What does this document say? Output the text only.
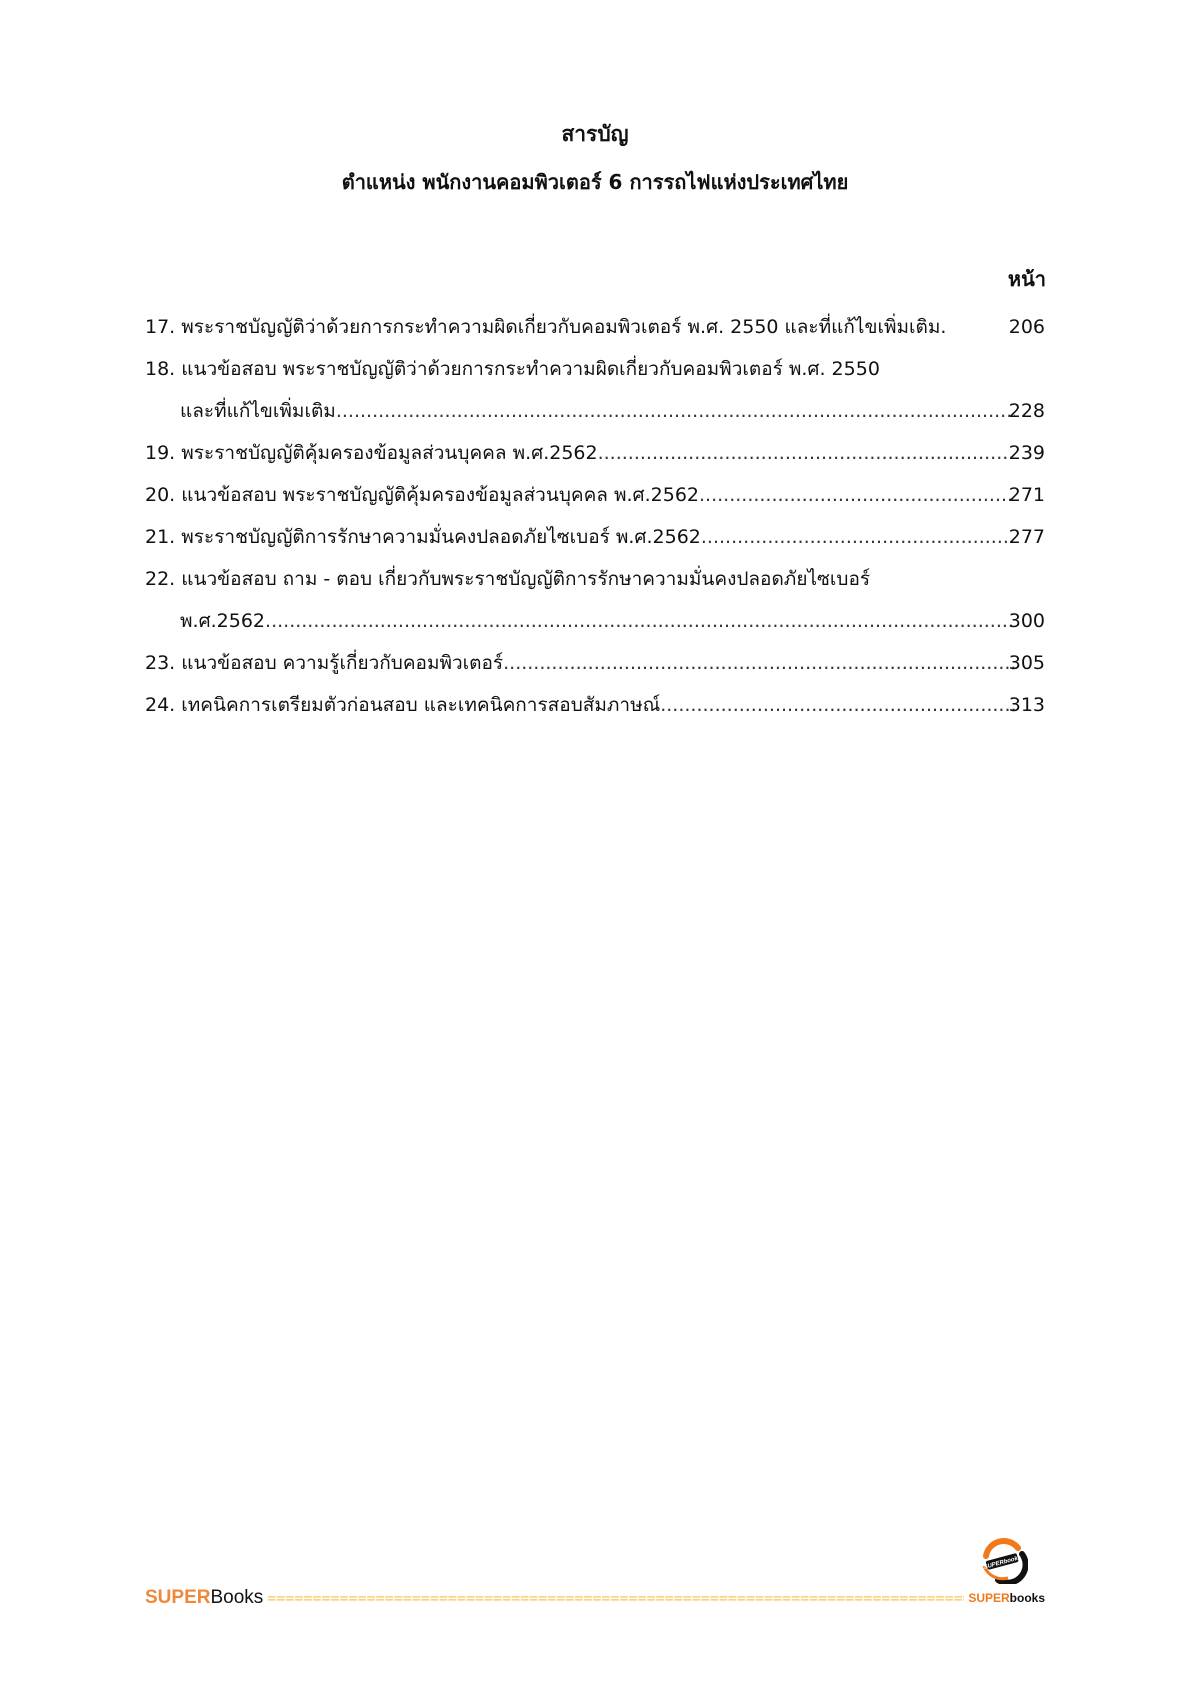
สารบัญ
ตำแหน่ง พนักงานคอมพิวเตอร์ 6 การรถไฟแห่งประเทศไทย
หน้า
17.
พระราชบัญญัติว่าด้วยการกระทำความผิดเกี่ยวกับคอมพิวเตอร์ พ.ศ. 2550 และที่แก้ไขเพิ่มเติม.	206
18.
แนวข้อสอบ พระราชบัญญัติว่าด้วยการกระทำความผิดเกี่ยวกับคอมพิวเตอร์ พ.ศ. 2550
และที่แก้ไขเพิ่มเติม .....	228
19.
พระราชบัญญัติคุ้มครองข้อมูลส่วนบุคคล พ.ศ.2562 .....	239
20.
แนวข้อสอบ พระราชบัญญัติคุ้มครองข้อมูลส่วนบุคคล พ.ศ.2562 .....	271
21.
พระราชบัญญัติการรักษาความมั่นคงปลอดภัยไซเบอร์ พ.ศ.2562 .....	277
22.
แนวข้อสอบ ถาม - ตอบ เกี่ยวกับพระราชบัญญัติการรักษาความมั่นคงปลอดภัยไซเบอร์
พ.ศ.2562 .....	300
23.
แนวข้อสอบ ความรู้เกี่ยวกับคอมพิวเตอร์ .....	305
24.
เทคนิคการเตรียมตัวก่อนสอบ และเทคนิคการสอบสัมภาษณ์ .....	313
SUPERbooks
SUPERBooks =====	SUPERbooks
